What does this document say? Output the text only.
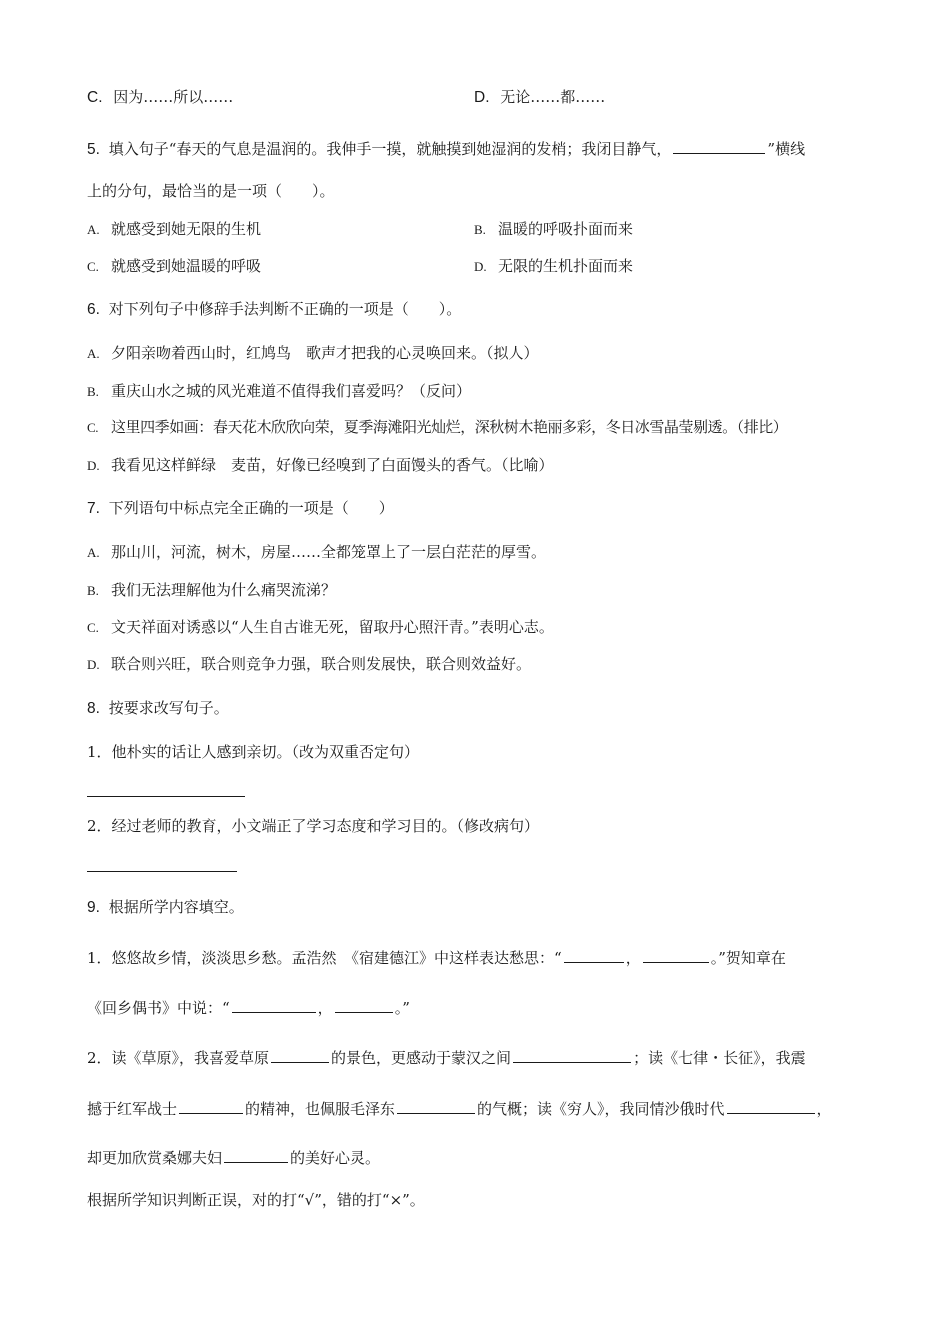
C. 因为……所以……	D. 无论……都……
5. 填入句子“春天的气息是温润的。我伸手一摸，就触摸到她湿润的发梢；我闭目静气，	”横线
上的分句，最恰当的是一项（　　）。
A. 就感受到她无限的生机	B. 温暖的呼吸扑面而来
C. 就感受到她温暖的呼吸	D. 无限的生机扑面而来
6. 对下列句子中修辞手法判断不正确的一项是（　　）。
A. 夕阳亲吻着西山时，红鸠鸟　歌声才把我的心灵唤回来。（拟人）
B. 重庆山水之城的风光难道不值得我们喜爱吗？（反问）
C. 这里四季如画：春天花木欣欣向荣，夏季海滩阳光灿烂，深秋树木艳丽多彩，冬日冰雪晶莹剔透。（排比）
D. 我看见这样鲜绿　麦苗，好像已经嗅到了白面馒头的香气。（比喻）
7. 下列语句中标点完全正确的一项是（　　）
A. 那山川，河流，树木，房屋……全都笼罩上了一层白茫茫的厚雪。
B. 我们无法理解他为什么痛哭流涕？
C. 文天祥面对诱惑以“人生自古谁无死，留取丹心照汗青。”表明心志。
D. 联合则兴旺，联合则竞争力强，联合则发展快，联合则效益好。
8. 按要求改写句子。
1．他朴实的话让人感到亲切。（改为双重否定句）
2．经过老师的教育，小文端正了学习态度和学习目的。（修改病句）
9. 根据所学内容填空。
1．悠悠故乡情，淡淡思乡愁。孟浩然　《宿建德江》中这样表达愁思：“	，	。”贺知章在
《回乡偶书》中说：“	，	。”
2．读《草原》，我喜爱草原	的景色，更感动于蒙汉之间	；读《七律・长征》，我震
撼于红军战士	的精神，也佩服毛泽东	的气概；读《穷人》，我同情沙俄时代	，
却更加欣赏桑娜夫妇	的美好心灵。
根据所学知识判断正误，对的打“√”，错的打“×”。
